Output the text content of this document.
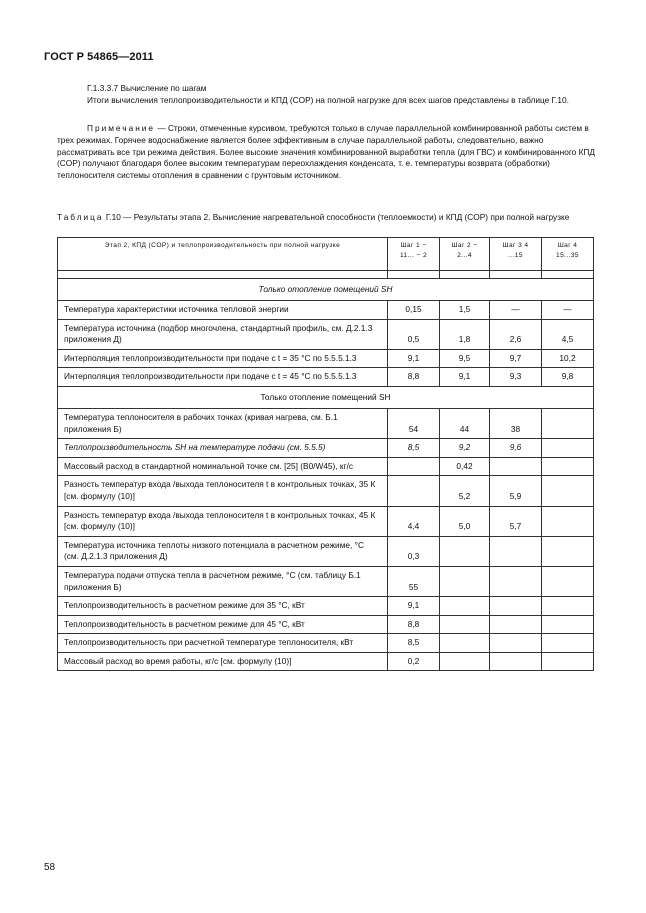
ГОСТ Р 54865—2011
Г.1.3.3.7 Вычисление по шагам
Итоги вычисления теплопроизводительности и КПД (COP) на полной нагрузке для всех шагов представлены в таблице Г.10.
Примечание — Строки, отмеченные курсивом, требуются только в случае параллельной комбинированной работы систем в трех режимах. Горячее водоснабжение является более эффективным в случае параллельной работы, следовательно, важно рассматривать все три режима действия. Более высокие значения комбинированной выработки тепла (для ГВС) и комбинированного КПД (COP) получают благодаря более высоким температурам переохлаждения конденсата, т. е. температуры возврата (обработки) теплоносителя системы отопления в сравнении с грунтовым источником.
Таблица Г.10 — Результаты этапа 2. Вычисление нагревательной способности (теплоемкости) и КПД (COP) при полной нагрузке
Этап 2, КПД (COP) и теплопроизводительность при полной нагрузке	Шаг 1 − 11... − 2	Шаг 2 − 2...4	Шаг 3 4 ...15	Шаг 4 15...35

Только отопление помещений SH				
Температура характеристики источника тепловой энергии	0,15	1,5	—	—
Температура источника (подбор многочлена, стандартный профиль, см. Д.2.1.3 приложения Д)	0,5	1,8	2,6	4,5
Интерполяция теплопроизводительности при подаче с t = 35 °С по 5.5.5.1.3	9,1	9,5	9,7	10,2
Интерполяция теплопроизводительности при подаче с t = 45 °С по 5.5.5.1.3	8,8	9,1	9,3	9,8
Только отопление помещений SH				
Температура теплоносителя в рабочих точках (кривая нагрева, см. Б.1 приложения Б)	54	44	38	
Теплопроизводительность SH на температуре подачи (см. 5.5.5)	8,5	9,2	9,6	
Массовый расход в стандартной номинальной точке см. [25] (B0/W45), кг/с		0,42		
Разность температур входа /выхода теплоносителя t в контрольных точках, 35 К [см. формулу (10)]		5,2	5,9	
Разность температур входа /выхода теплоносителя t в контрольных точках, 45 К [см. формулу (10)]	4,4	5,0	5,7	
Температура источника теплоты низкого потенциала в расчетном режиме, °С (см. Д.2.1.3 приложения Д)	0,3			
Температура подачи отпуска тепла в расчетном режиме, °С (см. таблицу Б.1 приложения Б)	55			
Теплопроизводительность в расчетном режиме для 35 °С, кВт	9,1			
Теплопроизводительность в расчетном режиме для 45 °С, кВт	8,8			
Теплопроизводительность при расчетной температуре теплоносителя, кВт	8,5			
Массовый расход во время работы, кг/с [см. формулу (10)]	0,2			
58
